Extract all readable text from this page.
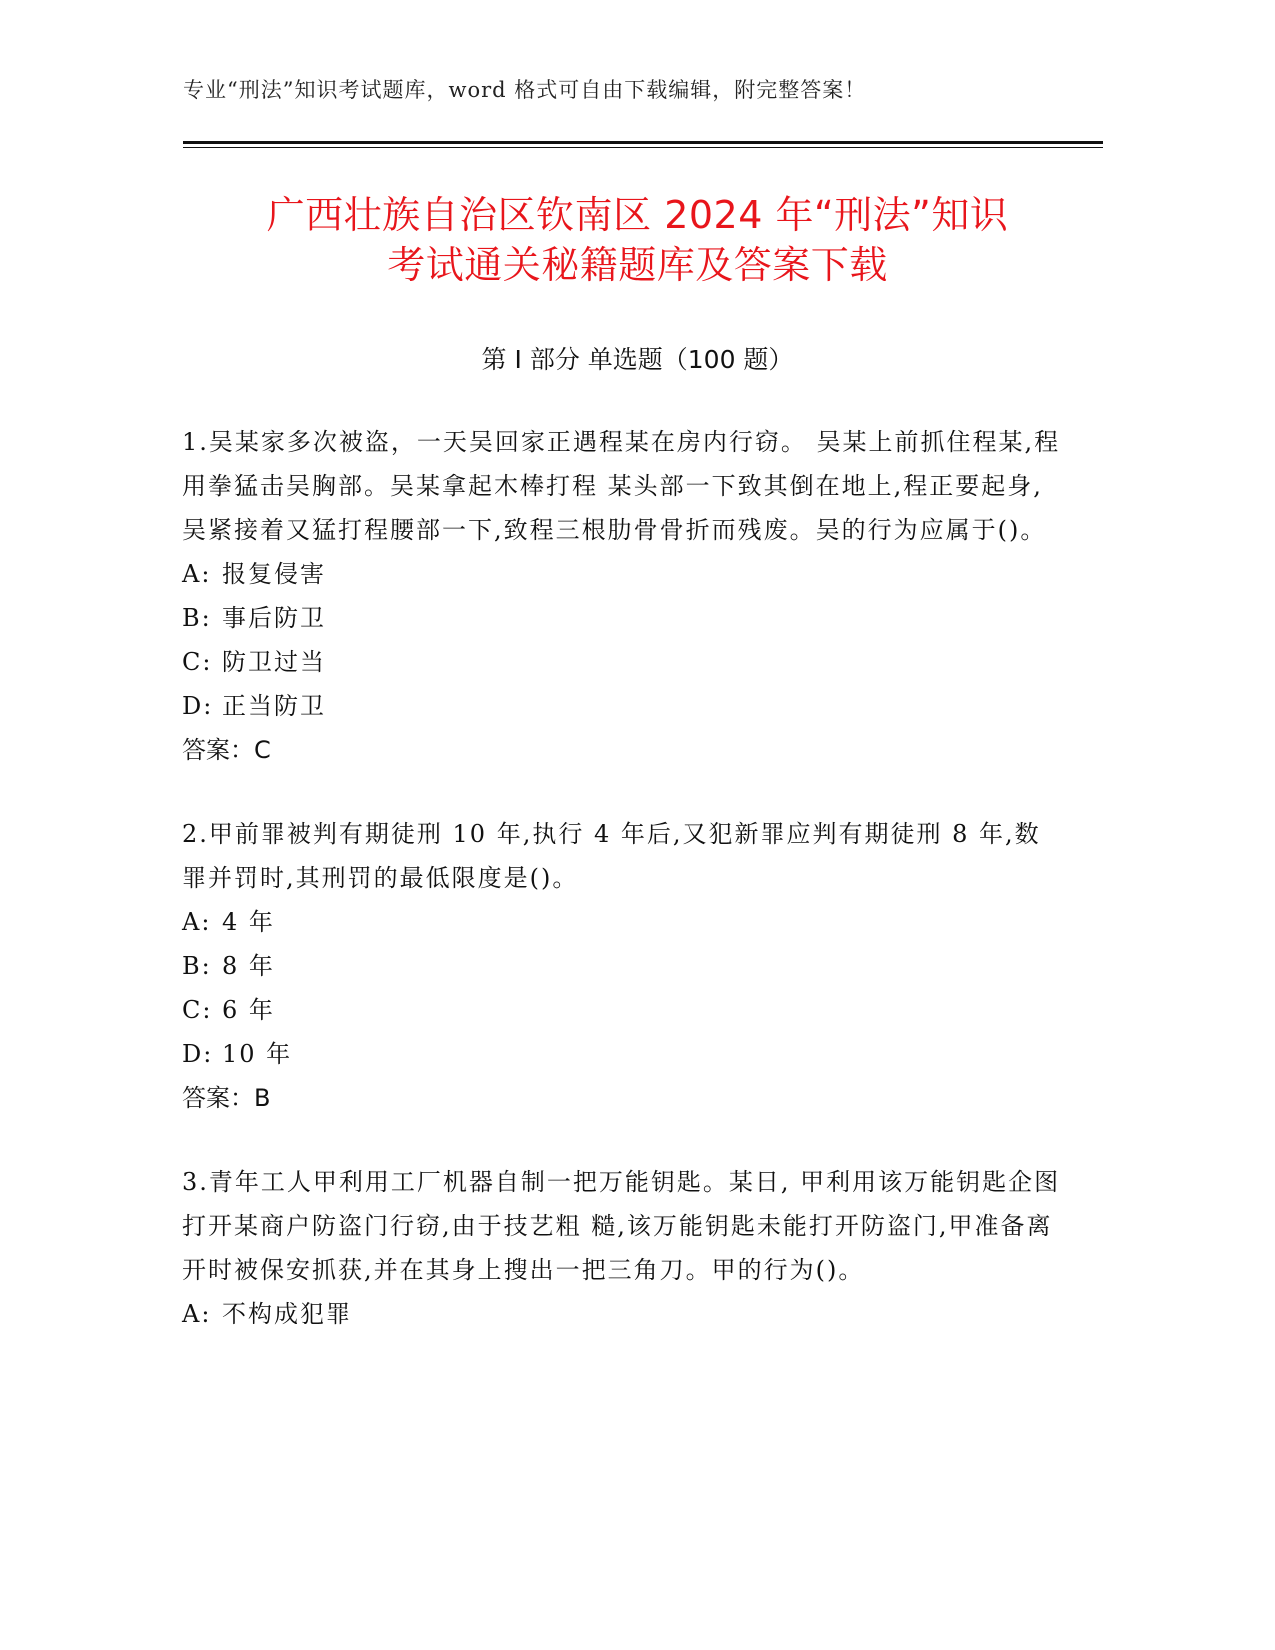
专业“刑法”知识考试题库，word 格式可自由下载编辑，附完整答案！
广西壮族自治区钦南区 2024 年“刑法”知识
考试通关秘籍题库及答案下载
第 I 部分 单选题（100 题）

1.吴某家多次被盗，一天吴回家正遇程某在房内行窃。 吴某上前抓住程某,程用拳猛击吴胸部。吴某拿起木棒打程 某头部一下致其倒在地上,程正要起身,吴紧接着又猛打程腰部一下,致程三根肋骨骨折而残废。吴的行为应属于()。

A: 报复侵害

B: 事后防卫

C: 防卫过当

D: 正当防卫

答案：C

2.甲前罪被判有期徒刑 10 年,执行 4 年后,又犯新罪应判有期徒刑 8 年,数罪并罚时,其刑罚的最低限度是()。

A: 4 年

B: 8 年

C: 6 年

D: 10 年

答案：B

3.青年工人甲利用工厂机器自制一把万能钥匙。某日, 甲利用该万能钥匙企图打开某商户防盗门行窃,由于技艺粗 糙,该万能钥匙未能打开防盗门,甲准备离开时被保安抓获,并在其身上搜出一把三角刀。甲的行为()。

A: 不构成犯罪
